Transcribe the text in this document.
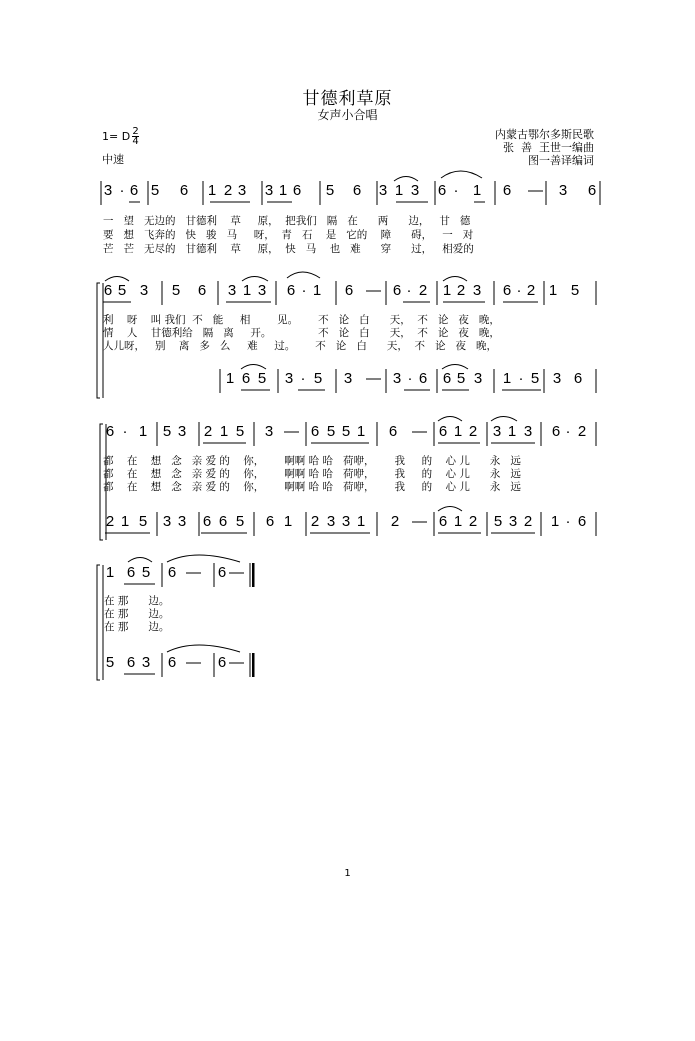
甘德利草原
女声小合唱
1= D 2
4
中速
内蒙古鄂尔多斯民歌
张  善  王世一编曲
图一善译编词
3 · 6 5 6 1 2 3 3 1 6 5 6 3 1 3 6 · 1 6 — 3 6
一   望   无边的   甘德利    草     原，  把我们   隔   在      两      边，   甘   德
要   想   飞奔的   快   骏   马     呀，  青   石    是   它的    障      碍，   一   对
芒   芒   无尽的   甘德利    草     原，  快   马    也   难      穿      过，   相爱的
6 5 3 5 6 3 1 3 6 · 1 6 — 6 · 2 1 2 3 6 · 2 1 5
利    呀    叫 我们  不   能     相        见。      不   论   白      天，  不   论   夜   晚，
情    人    甘德利给   隔   离     开。              不   论   白      天，  不   论   夜   晚，
人儿呀，   别    离   多   么     难     过。      不   论   白      天，  不   论   夜   晚，
1 6 5 3 · 5 3 — 3 · 6 6 5 3 1 · 5 3 6
6 · 1 5 3 2 1 5 3 — 6 5 5 1 6 — 6 1 2 3 1 3 6 · 2
都    在    想   念   亲 爱 的    你，      啊啊 哈 哈   荷咿，      我     的    心 儿      永   远
都    在    想   念   亲 爱 的    你，      啊啊 哈 哈   荷咿，      我     的    心 儿      永   远
都    在    想   念   亲 爱 的    你，      啊啊 哈 哈   荷咿，      我     的    心 儿      永   远
2 1 5 3 3 6 6 5 6 1 2 3 3 1 2 — 6 1 2 5 3 2 1 · 6
1 6 5 6 — 6 —
在 那      边。
在 那      边。
在 那      边。
5 6 3 6 — 6 —
1
